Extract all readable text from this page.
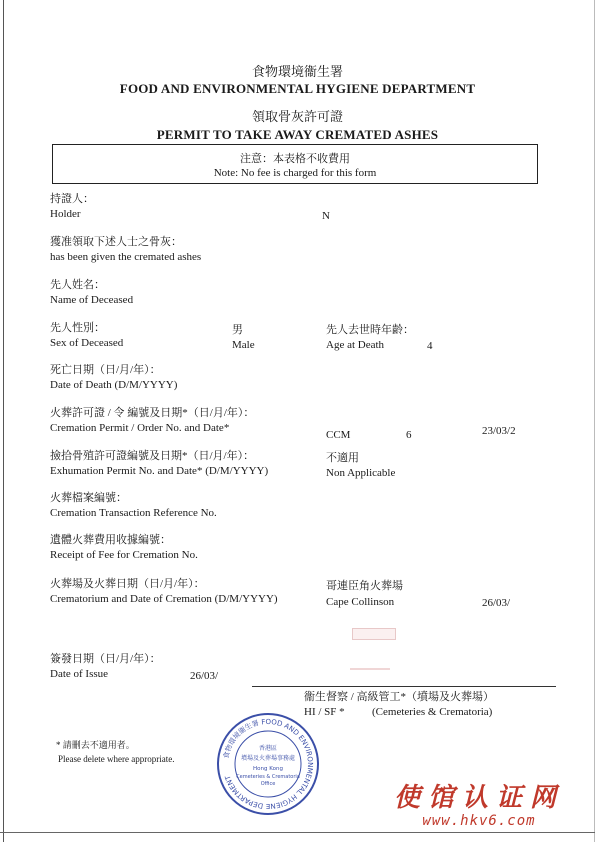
食物環境衞生署
FOOD AND ENVIRONMENTAL HYGIENE DEPARTMENT
領取骨灰許可證
PERMIT TO TAKE AWAY CREMATED ASHES
注意：本表格不收費用
Note: No fee is charged for this form
持證人：
Holder	N
獲准領取下述人士之骨灰：
has been given the cremated ashes
先人姓名：
Name of Deceased
先人性別：
Sex of Deceased
男
Male
先人去世時年齡：
Age at Death	4
死亡日期（日/月/年）：
Date of Death (D/M/YYYY)
火葬許可證 / 令 編號及日期*（日/月/年）：
Cremation Permit / Order No. and Date*
CCM	6	23/03/2
撿拾骨殖許可證編號及日期*（日/月/年）：
Exhumation Permit No. and Date* (D/M/YYYY)
不適用
Non Applicable
火葬檔案編號：
Cremation Transaction Reference No.
遺體火葬費用收據編號：
Receipt of Fee for Cremation No.
火葬場及火葬日期（日/月/年）：
Crematorium and Date of Cremation (D/M/YYYY)
哥連臣角火葬場
Cape Collinson	26/03/
簽發日期（日/月/年）：
Date of Issue	26/03/
衞生督察 / 高級管工*（墳場及火葬場）
HI / SF * (Cemeteries & Crematoria)
* 請刪去不適用者。
Please delete where appropriate.	食物環境衞生署 FOOD AND ENVIRONMENTAL HYGIENE DEPARTMENT
香港區
墳場及火葬場事務處
Hong Kong
Cemeteries & Crematoria
Office	使馆认证网
www.hkv6.com
